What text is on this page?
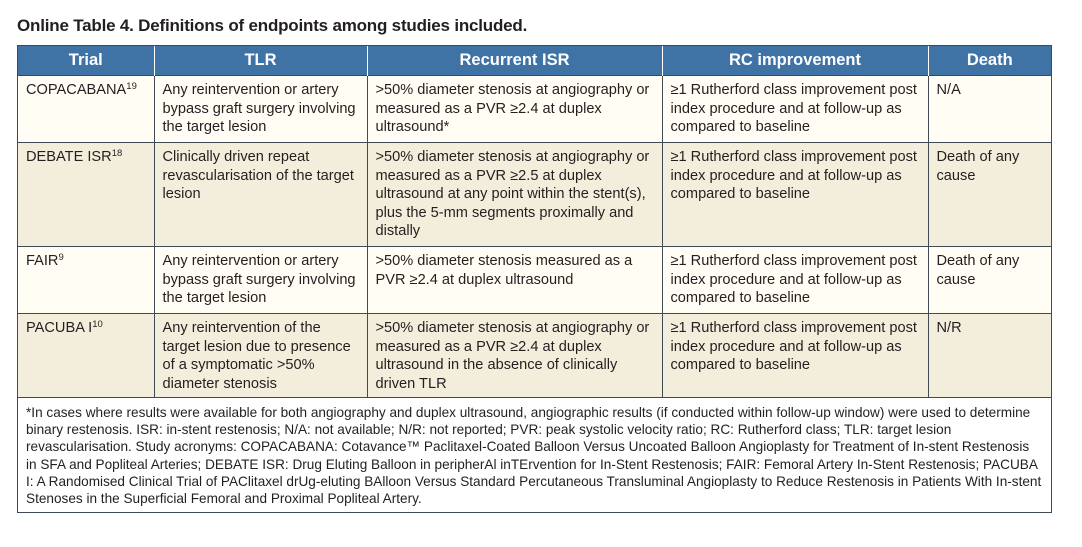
Online Table 4. Definitions of endpoints among studies included.
Trial	TLR	Recurrent ISR	RC improvement	Death
COPACABANA$^{19}$	Any reintervention or artery bypass graft surgery involving the target lesion	>50% diameter stenosis at angiography or measured as a PVR ≥2.4 at duplex ultrasound*	≥1 Rutherford class improvement post index procedure and at follow-up as compared to baseline	N/A
DEBATE ISR$^{18}$	Clinically driven repeat revascularisation of the target lesion	>50% diameter stenosis at angiography or measured as a PVR ≥2.5 at duplex ultrasound at any point within the stent(s), plus the 5-mm segments proximally and distally	≥1 Rutherford class improvement post index procedure and at follow-up as compared to baseline	Death of any cause
FAIR$^9$	Any reintervention or artery bypass graft surgery involving the target lesion	>50% diameter stenosis measured as a PVR ≥2.4 at duplex ultrasound	≥1 Rutherford class improvement post index procedure and at follow-up as compared to baseline	Death of any cause
PACUBA $I^{10}$	Any reintervention of the target lesion due to presence of a symptomatic >50% diameter stenosis	>50% diameter stenosis at angiography or measured as a PVR ≥2.4 at duplex ultrasound in the absence of clinically driven TLR	≥1 Rutherford class improvement post index procedure and at follow-up as compared to baseline	N/R
*In cases where results were available for both angiography and duplex ultrasound, angiographic results (if conducted within follow-up window) were used to determine binary restenosis. ISR: in-stent restenosis; N/A: not available; N/R: not reported; PVR: peak systolic velocity ratio; RC: Rutherford class; TLR: target lesion revascularisation. Study acronyms: COPACABANA: Cotavance™ Paclitaxel-Coated Balloon Versus Uncoated Balloon Angioplasty for Treatment of In-stent Restenosis in SFA and Popliteal Arteries; DEBATE ISR: Drug Eluting Balloon in peripherAl inTErvention for In-Stent Restenosis; FAIR: Femoral Artery In-Stent Restenosis; PACUBA I: A Randomised Clinical Trial of PAClitaxel drUg-eluting BAlloon Versus Standard Percutaneous Transluminal Angioplasty to Reduce Restenosis in Patients With In-stent Stenoses in the Superficial Femoral and Proximal Popliteal Artery.
